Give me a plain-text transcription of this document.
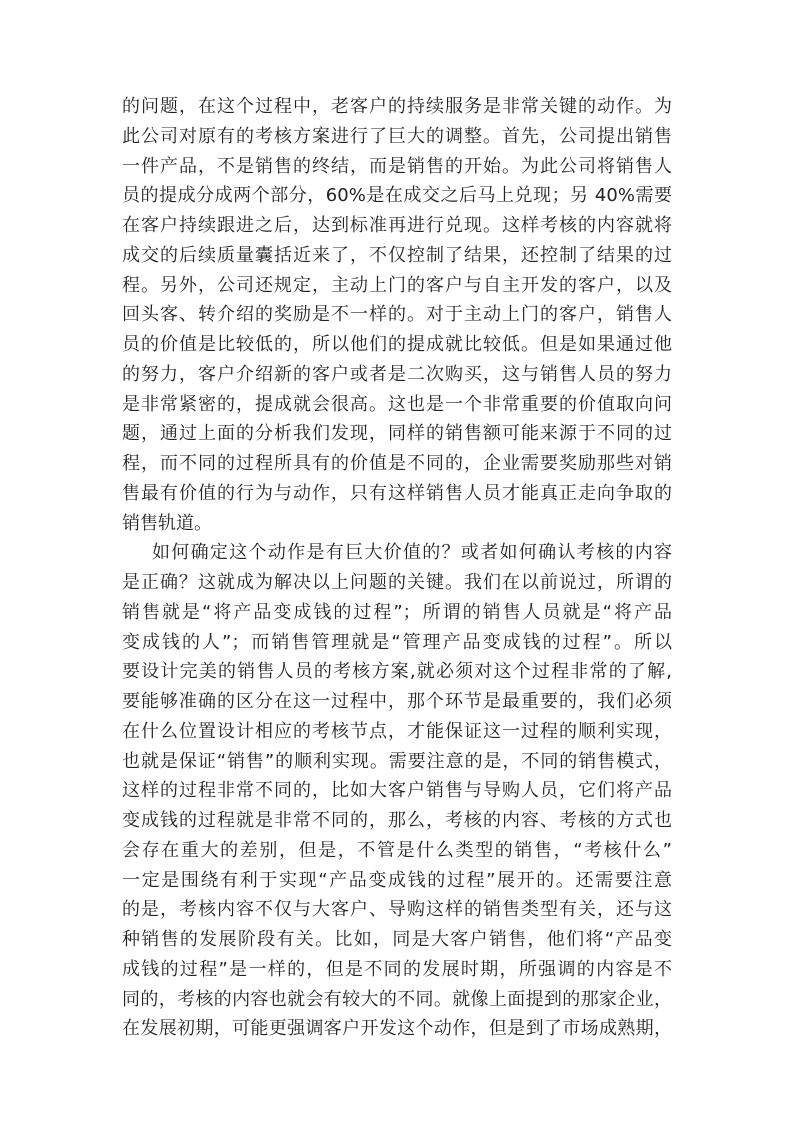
的问题，在这个过程中，老客户的持续服务是非常关键的动作。为
此公司对原有的考核方案进行了巨大的调整。首先，公司提出销售
一件产品，不是销售的终结，而是销售的开始。为此公司将销售人
员的提成分成两个部分，60%是在成交之后马上兑现；另 40%需要
在客户持续跟进之后，达到标准再进行兑现。这样考核的内容就将
成交的后续质量囊括近来了，不仅控制了结果，还控制了结果的过
程。另外，公司还规定，主动上门的客户与自主开发的客户，以及
回头客、转介绍的奖励是不一样的。对于主动上门的客户，销售人
员的价值是比较低的，所以他们的提成就比较低。但是如果通过他
的努力，客户介绍新的客户或者是二次购买，这与销售人员的努力
是非常紧密的，提成就会很高。这也是一个非常重要的价值取向问
题，通过上面的分析我们发现，同样的销售额可能来源于不同的过
程，而不同的过程所具有的价值是不同的，企业需要奖励那些对销
售最有价值的行为与动作，只有这样销售人员才能真正走向争取的
销售轨道。
如何确定这个动作是有巨大价值的？或者如何确认考核的内容
是正确？这就成为解决以上问题的关键。我们在以前说过，所谓的
销售就是“将产品变成钱的过程”；所谓的销售人员就是“将产品
变成钱的人”；而销售管理就是“管理产品变成钱的过程”。所以
要设计完美的销售人员的考核方案,就必须对这个过程非常的了解,
要能够准确的区分在这一过程中，那个环节是最重要的，我们必须
在什么位置设计相应的考核节点，才能保证这一过程的顺利实现，
也就是保证“销售”的顺利实现。需要注意的是，不同的销售模式，
这样的过程非常不同的，比如大客户销售与导购人员，它们将产品
变成钱的过程就是非常不同的，那么，考核的内容、考核的方式也
会存在重大的差别，但是，不管是什么类型的销售，“考核什么”
一定是围绕有利于实现“产品变成钱的过程”展开的。还需要注意
的是，考核内容不仅与大客户、导购这样的销售类型有关，还与这
种销售的发展阶段有关。比如，同是大客户销售，他们将“产品变
成钱的过程”是一样的，但是不同的发展时期，所强调的内容是不
同的，考核的内容也就会有较大的不同。就像上面提到的那家企业，
在发展初期，可能更强调客户开发这个动作，但是到了市场成熟期，
